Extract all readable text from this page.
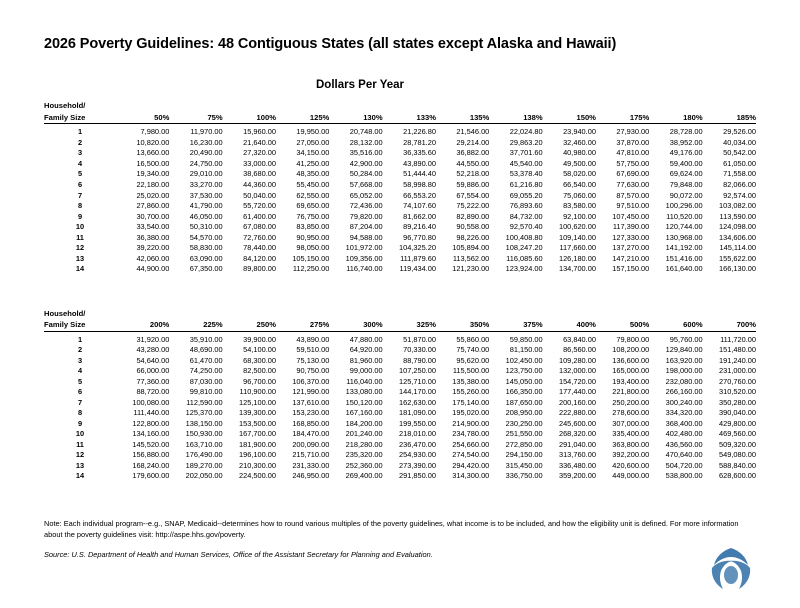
2026 Poverty Guidelines: 48 Contiguous States (all states except Alaska and Hawaii)
Dollars Per Year
Household/
Family Size	50%	75%	100%	125%	130%	133%	135%	138%	150%	175%	180%	185%

1	7,980.00	11,970.00	15,960.00	19,950.00	20,748.00	21,226.80	21,546.00	22,024.80	23,940.00	27,930.00	28,728.00	29,526.00
2	10,820.00	16,230.00	21,640.00	27,050.00	28,132.00	28,781.20	29,214.00	29,863.20	32,460.00	37,870.00	38,952.00	40,034.00
3	13,660.00	20,490.00	27,320.00	34,150.00	35,516.00	36,335.60	36,882.00	37,701.60	40,980.00	47,810.00	49,176.00	50,542.00
4	16,500.00	24,750.00	33,000.00	41,250.00	42,900.00	43,890.00	44,550.00	45,540.00	49,500.00	57,750.00	59,400.00	61,050.00
5	19,340.00	29,010.00	38,680.00	48,350.00	50,284.00	51,444.40	52,218.00	53,378.40	58,020.00	67,690.00	69,624.00	71,558.00
6	22,180.00	33,270.00	44,360.00	55,450.00	57,668.00	58,998.80	59,886.00	61,216.80	66,540.00	77,630.00	79,848.00	82,066.00
7	25,020.00	37,530.00	50,040.00	62,550.00	65,052.00	66,553.20	67,554.00	69,055.20	75,060.00	87,570.00	90,072.00	92,574.00
8	27,860.00	41,790.00	55,720.00	69,650.00	72,436.00	74,107.60	75,222.00	76,893.60	83,580.00	97,510.00	100,296.00	103,082.00
9	30,700.00	46,050.00	61,400.00	76,750.00	79,820.00	81,662.00	82,890.00	84,732.00	92,100.00	107,450.00	110,520.00	113,590.00
10	33,540.00	50,310.00	67,080.00	83,850.00	87,204.00	89,216.40	90,558.00	92,570.40	100,620.00	117,390.00	120,744.00	124,098.00
11	36,380.00	54,570.00	72,760.00	90,950.00	94,588.00	96,770.80	98,226.00	100,408.80	109,140.00	127,330.00	130,968.00	134,606.00
12	39,220.00	58,830.00	78,440.00	98,050.00	101,972.00	104,325.20	105,894.00	108,247.20	117,660.00	137,270.00	141,192.00	145,114.00
13	42,060.00	63,090.00	84,120.00	105,150.00	109,356.00	111,879.60	113,562.00	116,085.60	126,180.00	147,210.00	151,416.00	155,622.00
14	44,900.00	67,350.00	89,800.00	112,250.00	116,740.00	119,434.00	121,230.00	123,924.00	134,700.00	157,150.00	161,640.00	166,130.00
Household/
Family Size	200%	225%	250%	275%	300%	325%	350%	375%	400%	500%	600%	700%

1	31,920.00	35,910.00	39,900.00	43,890.00	47,880.00	51,870.00	55,860.00	59,850.00	63,840.00	79,800.00	95,760.00	111,720.00
2	43,280.00	48,690.00	54,100.00	59,510.00	64,920.00	70,330.00	75,740.00	81,150.00	86,560.00	108,200.00	129,840.00	151,480.00
3	54,640.00	61,470.00	68,300.00	75,130.00	81,960.00	88,790.00	95,620.00	102,450.00	109,280.00	136,600.00	163,920.00	191,240.00
4	66,000.00	74,250.00	82,500.00	90,750.00	99,000.00	107,250.00	115,500.00	123,750.00	132,000.00	165,000.00	198,000.00	231,000.00
5	77,360.00	87,030.00	96,700.00	106,370.00	116,040.00	125,710.00	135,380.00	145,050.00	154,720.00	193,400.00	232,080.00	270,760.00
6	88,720.00	99,810.00	110,900.00	121,990.00	133,080.00	144,170.00	155,260.00	166,350.00	177,440.00	221,800.00	266,160.00	310,520.00
7	100,080.00	112,590.00	125,100.00	137,610.00	150,120.00	162,630.00	175,140.00	187,650.00	200,160.00	250,200.00	300,240.00	350,280.00
8	111,440.00	125,370.00	139,300.00	153,230.00	167,160.00	181,090.00	195,020.00	208,950.00	222,880.00	278,600.00	334,320.00	390,040.00
9	122,800.00	138,150.00	153,500.00	168,850.00	184,200.00	199,550.00	214,900.00	230,250.00	245,600.00	307,000.00	368,400.00	429,800.00
10	134,160.00	150,930.00	167,700.00	184,470.00	201,240.00	218,010.00	234,780.00	251,550.00	268,320.00	335,400.00	402,480.00	469,560.00
11	145,520.00	163,710.00	181,900.00	200,090.00	218,280.00	236,470.00	254,660.00	272,850.00	291,040.00	363,800.00	436,560.00	509,320.00
12	156,880.00	176,490.00	196,100.00	215,710.00	235,320.00	254,930.00	274,540.00	294,150.00	313,760.00	392,200.00	470,640.00	549,080.00
13	168,240.00	189,270.00	210,300.00	231,330.00	252,360.00	273,390.00	294,420.00	315,450.00	336,480.00	420,600.00	504,720.00	588,840.00
14	179,600.00	202,050.00	224,500.00	246,950.00	269,400.00	291,850.00	314,300.00	336,750.00	359,200.00	449,000.00	538,800.00	628,600.00
Note: Each individual program--e.g., SNAP, Medicaid--determines how to round various multiples of the poverty guidelines, what income is to be included, and how the eligibility unit is defined. For more information about the poverty guidelines visit: http://aspe.hhs.gov/poverty.
Source: U.S. Department of Health and Human Services, Office of the Assistant Secretary for Planning and Evaluation.
